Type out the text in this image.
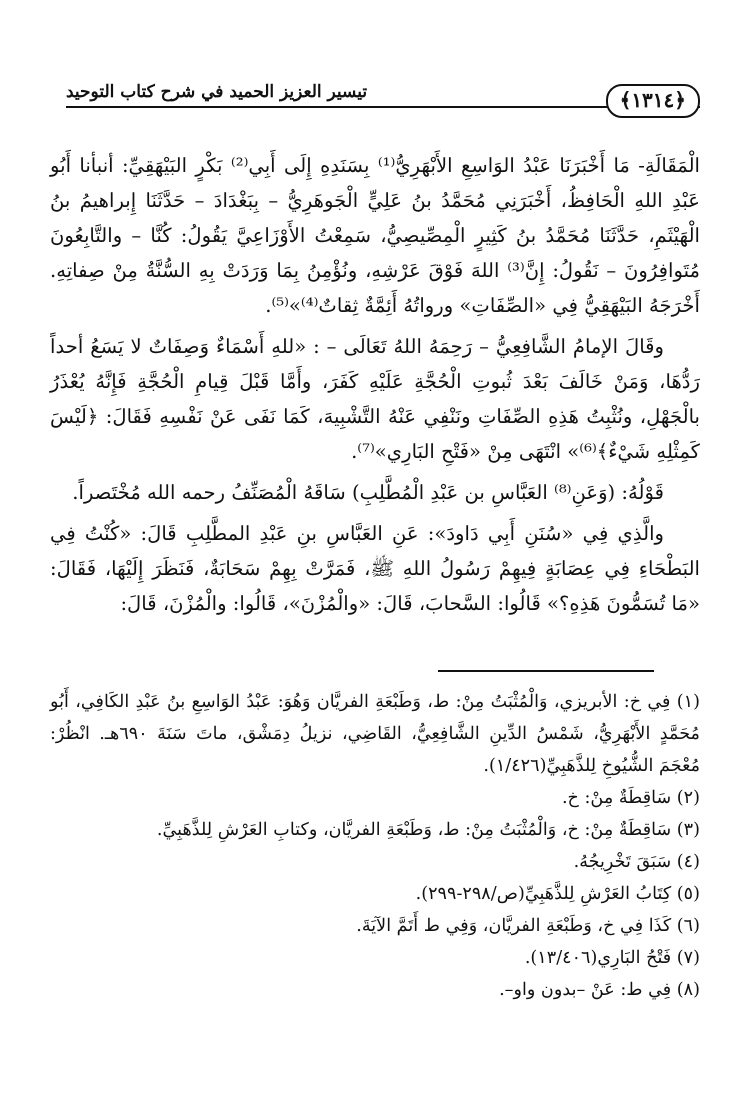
﴿١٣١٤﴾
تيسير العزيز الحميد في شرح كتاب التوحيد

الْمَقَالَةِ- مَا أَخْبَرَنَا عَبْدُ الوَاسِعِ الأَبْهَرِيُّ⁽¹⁾ بِسَنَدِهِ إِلَى أَبِي⁽²⁾ بَكْرٍ البَيْهَقِيِّ: أنبأنا أَبُو عَبْدِ اللهِ الْحَافِظُ، أَخْبَرَنِي مُحَمَّدُ بنُ عَلِيٍّ الْجَوهَرِيُّ – بِبَغْدَادَ – حَدَّثَنَا إِبراهيمُ بنُ الْهَيْثَمِ، حَدَّثَنَا مُحَمَّدُ بنُ كَثِيرٍ الْمِصِّيصِيُّ، سَمِعْتُ الأَوْزَاعِيَّ يَقُولُ: كُنَّا – والتَّابِعُونَ مُتَوافِرُونَ – نَقُولُ: إِنَّ⁽³⁾ اللهَ فَوْقَ عَرْشِهِ، ونُؤْمِنُ بِمَا وَرَدَتْ بِهِ السُّنَّةُ مِنْ صِفاتِهِ. أَخْرَجَهُ البَيْهَقِيُّ فِي «الصِّفَاتِ» ورواتُهُ أَئِمَّةٌ ثِقاتٌ⁽⁴⁾»⁽⁵⁾.

وقَالَ الإمامُ الشَّافِعِيُّ – رَحِمَهُ اللهُ تَعَالَى – : «للهِ أَسْمَاءٌ وَصِفَاتٌ لا يَسَعُ أحداً رَدُّهَا، وَمَنْ خَالَفَ بَعْدَ ثُبوتِ الْحُجَّةِ عَلَيْهِ كَفَرَ، وأَمَّا قَبْلَ قِيامِ الْحُجَّةِ فَإِنَّهُ يُعْذَرُ بالْجَهْلِ، ونُثْبِتُ هَذِهِ الصِّفَاتِ ونَنْفِي عَنْهُ التَّشْبِيهَ، كَمَا نَفَى عَنْ نَفْسِهِ فَقَالَ: ﴿لَيْسَ كَمِثْلِهِ شَيْءٌ﴾⁽⁶⁾» انْتَهَى مِنْ «فَتْحِ البَارِي»⁽⁷⁾.

قَوْلُهُ: (وَعَنِ⁽⁸⁾ العَبَّاسِ بن عَبْدِ الْمُطَّلِبِ) سَاقَهُ الْمُصَنِّفُ رحمه الله مُخْتَصراً.

والَّذِي فِي «سُنَنِ أَبِي دَاودَ»: عَنِ العَبَّاسِ بنِ عَبْدِ المطَّلِبِ قَالَ: «كُنْتُ فِي البَطْحَاءِ فِي عِصَابَةٍ فِيهِمْ رَسُولُ اللهِ ﷺ، فَمَرَّتْ بِهِمْ سَحَابَةٌ، فَنَظَرَ إِلَيْهَا، فَقَالَ: «مَا تُسَمُّونَ هَذِهِ؟» قَالُوا: السَّحابَ، قَالَ: «والْمُزْنَ»، قَالُوا: والْمُزْنَ، قَالَ:

(١) فِي خ: الأبريزي، وَالْمُثْبَتُ مِنْ: ط، وَطَبْعَةِ الفريَّان وَهُوَ: عَبْدُ الوَاسِعِ بنُ عَبْدِ الكَافِي، أَبُو مُحَمَّدٍ الأَبْهَرِيُّ، شَمْسُ الدِّينِ الشَّافِعِيُّ، القَاضِي، نزيلُ دِمَشْق، ماتَ سَنَةَ ٦٩٠هـ. انْظُرْ: مُعْجَمَ الشُّيُوخِ لِلذَّهَبِيِّ(١/٤٢٦).

(٢) سَاقِطَةٌ مِنْ: خ.

(٣) سَاقِطَةٌ مِنْ: خ، وَالْمُثْبَتُ مِنْ: ط، وَطَبْعَةِ الفريَّان، وكتابِ العَرْشِ لِلذَّهَبِيِّ.

(٤) سَبَقَ تَخْرِيجُهُ.

(٥) كِتَابُ العَرْشِ لِلذَّهَبِيِّ(ص/٢٩٨-٢٩٩).

(٦) كَذَا فِي خ، وَطَبْعَةِ الفريَّان، وَفِي ط أَتَمَّ الآيَةَ.

(٧) فَتْحُ البَارِي(١٣/٤٠٦).

(٨) فِي ط: عَنْ –بدون واو–.
